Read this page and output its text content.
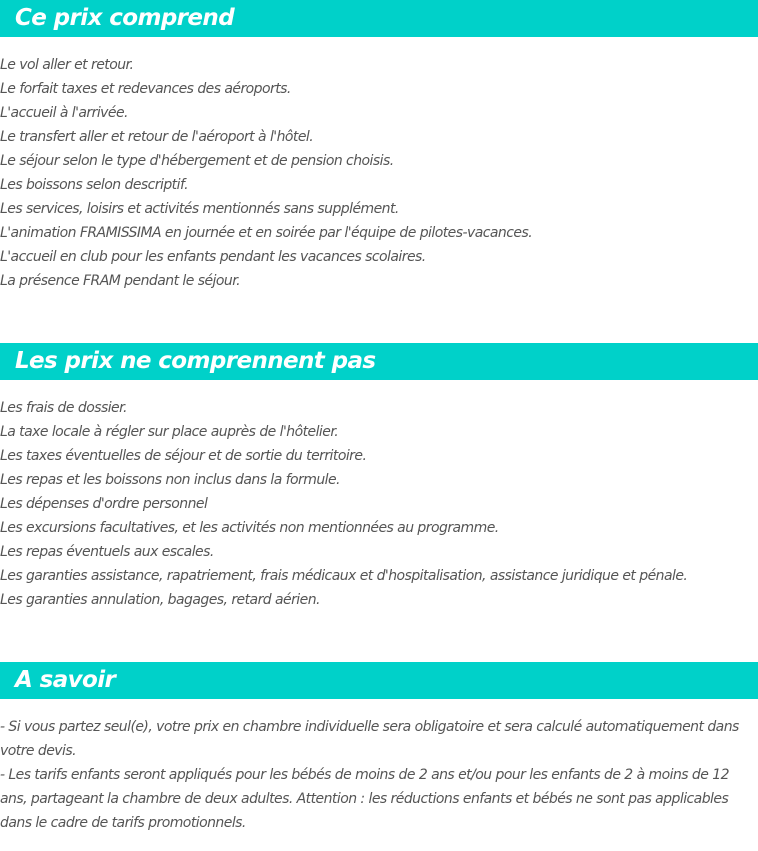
Ce prix comprend
Le vol aller et retour.
Le forfait taxes et redevances des aéroports.
L'accueil à l'arrivée.
Le transfert aller et retour de l'aéroport à l'hôtel.
Le séjour selon le type d'hébergement et de pension choisis.
Les boissons selon descriptif.
Les services, loisirs et activités mentionnés sans supplément.
L'animation FRAMISSIMA en journée et en soirée par l'équipe de pilotes-vacances.
L'accueil en club pour les enfants pendant les vacances scolaires.
La présence FRAM pendant le séjour.
Les prix ne comprennent pas
Les frais de dossier.
La taxe locale à régler sur place auprès de l'hôtelier.
Les taxes éventuelles de séjour et de sortie du territoire.
Les repas et les boissons non inclus dans la formule.
Les dépenses d'ordre personnel
Les excursions facultatives, et les activités non mentionnées au programme.
Les repas éventuels aux escales.
Les garanties assistance, rapatriement, frais médicaux et d'hospitalisation, assistance juridique et pénale.
Les garanties annulation, bagages, retard aérien.
A savoir

- Si vous partez seul(e), votre prix en chambre individuelle sera obligatoire et sera calculé automatiquement dans votre devis.

- Les tarifs enfants seront appliqués pour les bébés de moins de 2 ans et/ou pour les enfants de 2 à moins de 12 ans, partageant la chambre de deux adultes. Attention : les réductions enfants et bébés ne sont pas applicables dans le cadre de tarifs promotionnels.
